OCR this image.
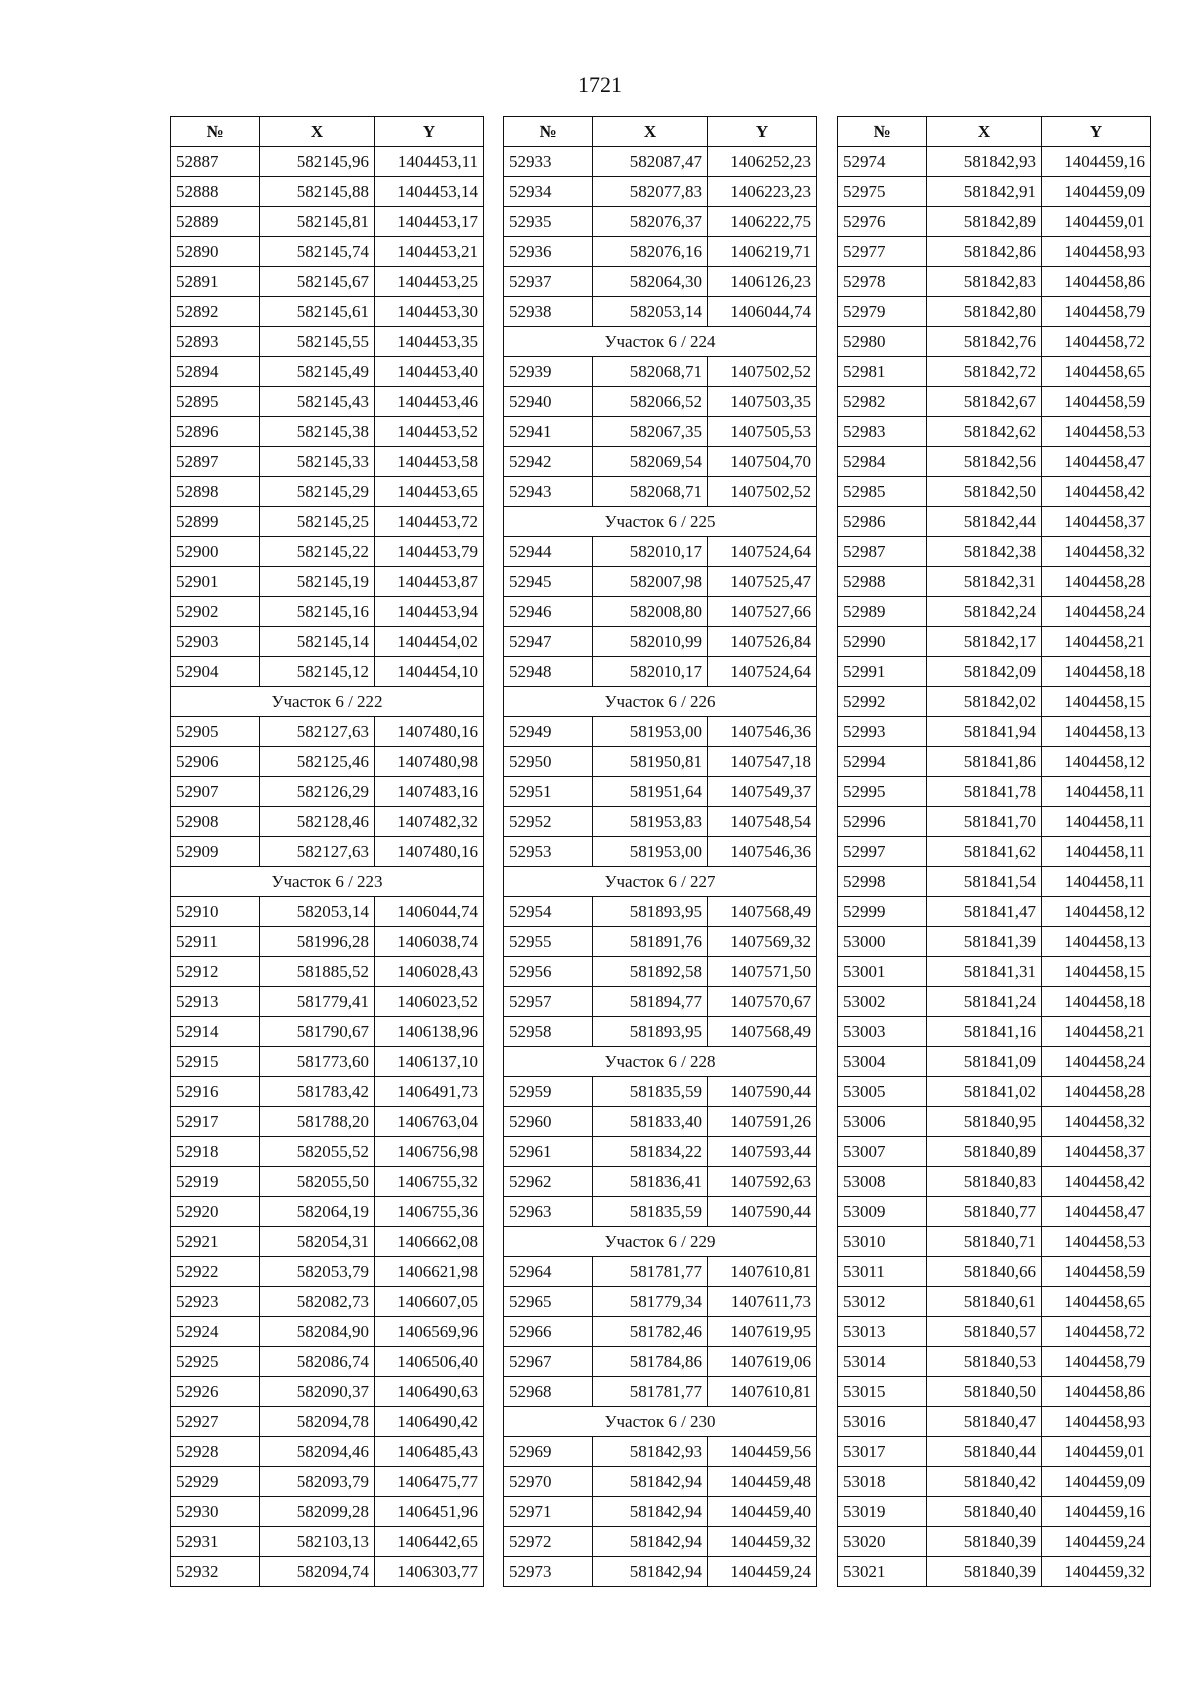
1721
№	X	Y
52887	582145,96	1404453,11
52888	582145,88	1404453,14
52889	582145,81	1404453,17
52890	582145,74	1404453,21
52891	582145,67	1404453,25
52892	582145,61	1404453,30
52893	582145,55	1404453,35
52894	582145,49	1404453,40
52895	582145,43	1404453,46
52896	582145,38	1404453,52
52897	582145,33	1404453,58
52898	582145,29	1404453,65
52899	582145,25	1404453,72
52900	582145,22	1404453,79
52901	582145,19	1404453,87
52902	582145,16	1404453,94
52903	582145,14	1404454,02
52904	582145,12	1404454,10
Участок 6 / 222		
52905	582127,63	1407480,16
52906	582125,46	1407480,98
52907	582126,29	1407483,16
52908	582128,46	1407482,32
52909	582127,63	1407480,16
Участок 6 / 223		
52910	582053,14	1406044,74
52911	581996,28	1406038,74
52912	581885,52	1406028,43
52913	581779,41	1406023,52
52914	581790,67	1406138,96
52915	581773,60	1406137,10
52916	581783,42	1406491,73
52917	581788,20	1406763,04
52918	582055,52	1406756,98
52919	582055,50	1406755,32
52920	582064,19	1406755,36
52921	582054,31	1406662,08
52922	582053,79	1406621,98
52923	582082,73	1406607,05
52924	582084,90	1406569,96
52925	582086,74	1406506,40
52926	582090,37	1406490,63
52927	582094,78	1406490,42
52928	582094,46	1406485,43
52929	582093,79	1406475,77
52930	582099,28	1406451,96
52931	582103,13	1406442,65
52932	582094,74	1406303,77
№	X	Y
52933	582087,47	1406252,23
52934	582077,83	1406223,23
52935	582076,37	1406222,75
52936	582076,16	1406219,71
52937	582064,30	1406126,23
52938	582053,14	1406044,74
Участок 6 / 224		
52939	582068,71	1407502,52
52940	582066,52	1407503,35
52941	582067,35	1407505,53
52942	582069,54	1407504,70
52943	582068,71	1407502,52
Участок 6 / 225		
52944	582010,17	1407524,64
52945	582007,98	1407525,47
52946	582008,80	1407527,66
52947	582010,99	1407526,84
52948	582010,17	1407524,64
Участок 6 / 226		
52949	581953,00	1407546,36
52950	581950,81	1407547,18
52951	581951,64	1407549,37
52952	581953,83	1407548,54
52953	581953,00	1407546,36
Участок 6 / 227		
52954	581893,95	1407568,49
52955	581891,76	1407569,32
52956	581892,58	1407571,50
52957	581894,77	1407570,67
52958	581893,95	1407568,49
Участок 6 / 228		
52959	581835,59	1407590,44
52960	581833,40	1407591,26
52961	581834,22	1407593,44
52962	581836,41	1407592,63
52963	581835,59	1407590,44
Участок 6 / 229		
52964	581781,77	1407610,81
52965	581779,34	1407611,73
52966	581782,46	1407619,95
52967	581784,86	1407619,06
52968	581781,77	1407610,81
Участок 6 / 230		
52969	581842,93	1404459,56
52970	581842,94	1404459,48
52971	581842,94	1404459,40
52972	581842,94	1404459,32
52973	581842,94	1404459,24
№	X	Y
52974	581842,93	1404459,16
52975	581842,91	1404459,09
52976	581842,89	1404459,01
52977	581842,86	1404458,93
52978	581842,83	1404458,86
52979	581842,80	1404458,79
52980	581842,76	1404458,72
52981	581842,72	1404458,65
52982	581842,67	1404458,59
52983	581842,62	1404458,53
52984	581842,56	1404458,47
52985	581842,50	1404458,42
52986	581842,44	1404458,37
52987	581842,38	1404458,32
52988	581842,31	1404458,28
52989	581842,24	1404458,24
52990	581842,17	1404458,21
52991	581842,09	1404458,18
52992	581842,02	1404458,15
52993	581841,94	1404458,13
52994	581841,86	1404458,12
52995	581841,78	1404458,11
52996	581841,70	1404458,11
52997	581841,62	1404458,11
52998	581841,54	1404458,11
52999	581841,47	1404458,12
53000	581841,39	1404458,13
53001	581841,31	1404458,15
53002	581841,24	1404458,18
53003	581841,16	1404458,21
53004	581841,09	1404458,24
53005	581841,02	1404458,28
53006	581840,95	1404458,32
53007	581840,89	1404458,37
53008	581840,83	1404458,42
53009	581840,77	1404458,47
53010	581840,71	1404458,53
53011	581840,66	1404458,59
53012	581840,61	1404458,65
53013	581840,57	1404458,72
53014	581840,53	1404458,79
53015	581840,50	1404458,86
53016	581840,47	1404458,93
53017	581840,44	1404459,01
53018	581840,42	1404459,09
53019	581840,40	1404459,16
53020	581840,39	1404459,24
53021	581840,39	1404459,32
